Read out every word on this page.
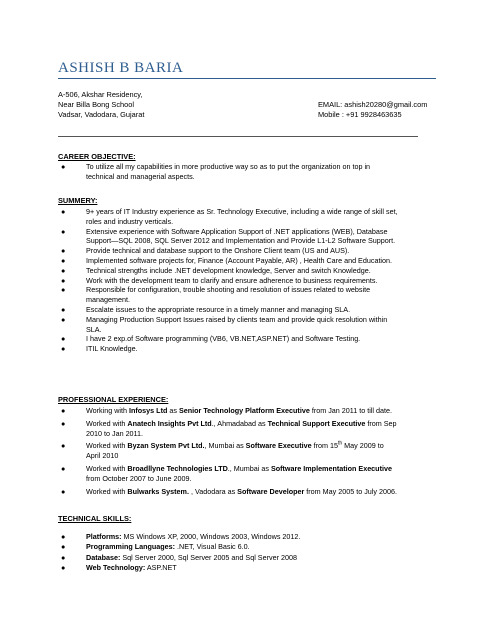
ASHISH B BARIA
A-506, Akshar Residency,
Near Billa Bong School
Vadsar, Vadodara, Gujarat
EMAIL: ashish20280@gmail.com
Mobile : +91 9928463635
CAREER OBJECTIVE:
●	To utilize all my capabilities in more productive way so as to put the organization on top in
technical and managerial aspects.
SUMMERY:
●	9+ years of IT Industry experience as Sr. Technology Executive, including a wide range of skill set,
roles and industry verticals.
●	Extensive experience with Software Application Support of .NET applications (WEB), Database
Support—SQL 2008, SQL Server 2012 and Implementation and Provide L1-L2 Software Support.
●	Provide technical and database support to the Onshore Client team (US and AUS).
●	Implemented software projects for, Finance (Account Payable, AR) , Health Care and Education.
●	Technical strengths include .NET development knowledge, Server and switch Knowledge.
●	Work with the development team to clarify and ensure adherence to business requirements.
●	Responsible for configuration, trouble shooting and resolution of issues related to website
management.
●	Escalate issues to the appropriate resource in a timely manner and managing SLA.
●	Managing Production Support Issues raised by clients team and provide quick resolution within
SLA.
●	I have 2 exp.of Software programming (VB6, VB.NET,ASP.NET) and Software Testing.
●	ITIL Knowledge.
PROFESSIONAL EXPERIENCE:
●	Working with Infosys Ltd as Senior Technology Platform Executive from Jan 2011 to till date.
●	Worked with Anatech Insights Pvt Ltd., Ahmadabad as Technical Support Executive from Sep
2010 to Jan 2011.
●	Worked with Byzan System Pvt Ltd., Mumbai as Software Executive from 15th May 2009 to
April 2010
●	Worked with Broadllyne Technologies LTD., Mumbai as Software Implementation Executive
from October 2007 to June 2009.
●	Worked with Bulwarks System. , Vadodara as Software Developer from May 2005 to July 2006.
TECHNICAL SKILLS:
●	Platforms: MS Windows XP, 2000, Windows 2003, Windows 2012.
●	Programming Languages: .NET, Visual Basic 6.0.
●	Database: Sql Server 2000, Sql Server 2005 and Sql Server 2008
●	Web Technology: ASP.NET
